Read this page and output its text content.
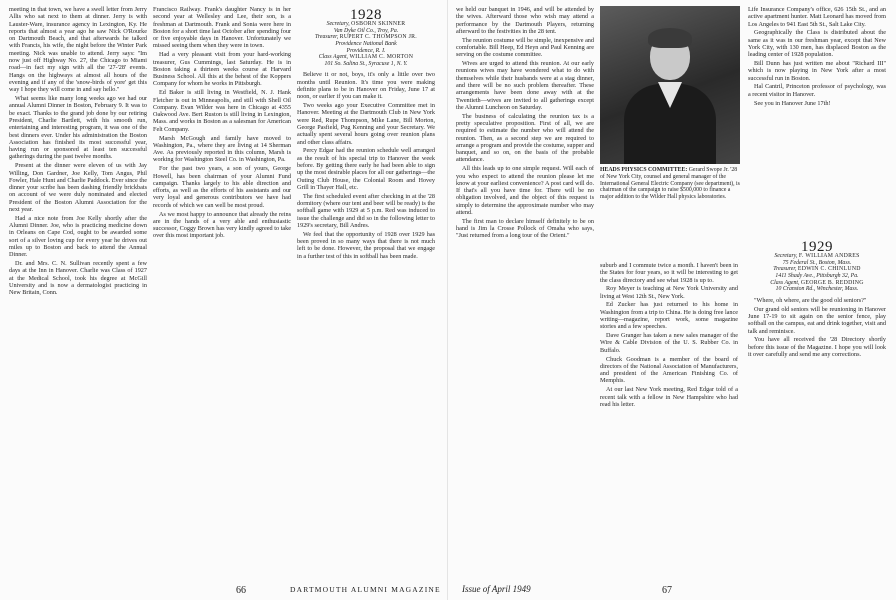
meeting in that town, we have a swell letter from Jerry Allis who sat next to them at dinner. Jerry is with Lauster-Ware, insurance agency in Lexington, Ky. He reports that almost a year ago he saw Nick O'Rourke on Dartmouth Beach, and that afterwards he talked with Francis, his wife, the night before the Winter Park meeting. Nick was unable to attend. Jerry says: "Im now just off Highway No. 27, the Chicago to Miami road—in fact my sign with all the '27-'28' events. Hangs on the highways at almost all hours of the evening and if any of the 'snow-birds of yore' get this way I hope they will come in and say hello."

What seems like many long weeks ago we had our annual Alumni Dinner in Boston, February 9. It was to be exact. Thanks to the grand job done by our retiring President, Charlie Bartlett, with his smooth run, entertaining and interesting program, it was one of the best dinners ever. Under his administration the Boston Association has finished its most successful year, having run or sponsored at least ten successful gatherings during the past twelve months.

Present at the dinner were eleven of us with Jay Willing, Don Gardner, Joe Kelly, Tom Angus, Phil Fowler, Hale Hunt and Charlie Paddock. Ever since the dinner your scribe has been dashing friendly brickbats on account of we were duly nominated and elected President of the Boston Alumni Association for the next year.

Had a nice note from Joe Kelly shortly after the Alumni Dinner. Joe, who is practicing medicine down in Orleans on Cape Cod, ought to be awarded some sort of a silver loving cup for every year he drives out miles up to Boston and back to attend the Annual Dinner.

Dr. and Mrs. C. N. Sullivan recently spent a few days at the Inn in Hanover. Charlie was Class of 1927 at the Medical School, took his degree at McGill University and is now a dermatologist practicing in New Britain, Conn.

Francisco Railway. Frank's daughter Nancy is in her second year at Wellesley and Lee, their son, is a freshman at Dartmouth. Frank and Sonia were here in Boston for a short time last October after spending four or five enjoyable days in Hanover. Unfortunately we missed seeing them when they were in town.

Had a very pleasant visit from your hard-working treasurer, Gus Cummings, last Saturday. He is in Boston taking a thirteen weeks course at Harvard Business School. All this at the behest of the Koppers Company for whom he works in Pittsburgh.

Ed Baker is still living in Westfield, N. J. Hank Fletcher is out in Minneapolis, and still with Shell Oil Company. Evan Wilder was here in Chicago at 4355 Oakwood Ave. Bert Ruston is still living in Lexington, Mass. and works in Boston as a salesman for American Felt Company.

Marsh McGough and family have moved to Washington, Pa., where they are living at 14 Sherman Ave. As previously reported in this column, Marsh is working for Washington Steel Co. in Washington, Pa.

For the past two years, a son of yours, George Howell, has been chairman of your Alumni Fund campaign. Thanks largely to his able direction and efforts, as well as the efforts of his assistants and our very loyal and generous contributors we have had records of which we can well be most proud.

As we most happy to announce that already the reins are in the hands of a very able and enthusiastic successor, Coggy Brown has very kindly agreed to take over this most important job.

1928

Secretary, OSBORN SKINNER

Van Dyke Oil Co., Troy, Pa.

Treasurer, RUPERT C. THOMPSON JR.

Providence National Bank

Providence, R. I.

Class Agent, WILLIAM C. MORTON

101 So. Salina St., Syracuse 1, N. Y.

Believe it or not, boys, it's only a little over two months until Reunion. It's time you were making definite plans to be in Hanover on Friday, June 17 at noon, or earlier if you can make it.

Two weeks ago your Executive Committee met in Hanover. Meeting at the Dartmouth Club in New York were Red, Rupe Thompson, Mike Lane, Bill Morton, George Pasfield, Pug Kenning and your Secretary. We actually spent several hours going over reunion plans and other class affairs.

Percy Edgar had the reunion schedule well arranged as the result of his special trip to Hanover the week before. By getting there early he had been able to sign up the most desirable places for all our gatherings—the Outing Club House, the Colonial Room and Hovey Grill in Thayer Hall, etc.

The first scheduled event after checking in at the '28 dormitory (where our tent and beer will be ready) is the softball game with 1929 at 5 p.m. Red was induced to issue the challenge and did so in the following letter to 1929's secretary, Bill Andres.

We feel that the opportunity of 1928 over 1929 has been proved in so many ways that there is not much left to be done. However, the proposal that we engage in a further test of this in softball has been made.

66

we held our banquet in 1946, and will be attended by the wives. Afterward those who wish may attend a performance by the Dartmouth Players, returning afterward to the festivities in the 28 tent.

The reunion costume will be simple, inexpensive and comfortable. Bill Heep, Ed Heyn and Paul Kenning are serving on the costume committee.

Wives are urged to attend this reunion. At our early reunions wives may have wondered what to do with themselves while their husbands were at a stag dinner, and there will be no such problem thereafter. These arrangements have been done away with at the Twentieth—wives are invited to all gatherings except the Alumni Luncheon on Saturday.

The business of calculating the reunion tax is a pretty speculative proposition. First of all, we are required to estimate the number who will attend the reunion. Then, as a second step we are required to arrange a program and provide the costume, supper and banquet, and so on, on the basis of the probable attendance.

All this leads up to one simple request. Will each of you who expect to attend the reunion please let me know at your earliest convenience? A post card will do. If that's all you have time for. There will be no obligation involved, and the object of this request is simply to determine the approximate number who may attend.

The first man to declare himself definitely to be on hand is Jim la Crosse Pollock of Omaha who says, "Just returned from a long tour of the Orient."

suburb and I commute twice a month. I haven't been in the States for four years, so it will be interesting to get the class directory and see what 1928 is up to.

Roy Meyer is teaching at New York University and living at West 12th St., New York.

Ed Zucker has just returned to his home in Washington from a trip to China. He is doing free lance writing—magazine, report work, some magazine stories and a few speeches.

Dave Granger has taken a new sales manager of the Wire & Cable Division of the U. S. Rubber Co. in Buffalo.

Chuck Goodman is a member of the board of directors of the National Association of Manufacturers, and president of the American Finishing Co. of Memphis.

At our last New York meeting, Red Edgar told of a recent talk with a fellow in New Hampshire who had read his letter.

HEADS PHYSICS COMMITTEE: Gerard Swope Jr. '28 of New York City, counsel and general manager of the International General Electric Company (see department), is chairman of the campaign to raise $500,000 to finance a major addition to the Wilder Hall physics laboratories.

Life Insurance Company's office, 626 15th St., and an active apartment hunter. Matt Leonard has moved from Los Angeles to 941 East 5th St., Salt Lake City.

Geographically the Class is distributed about the same as it was in our freshman year, except that New York City, with 130 men, has displaced Boston as the leading center of 1928 population.

Bill Dunn has just written me about "Richard III" which is now playing in New York after a most successful run in Boston.

Hal Cantril, Princeton professor of psychology, was a recent visitor in Hanover.

See you in Hanover June 17th!

1929

Secretary, F. WILLIAM ANDRES

75 Federal St., Boston, Mass.

Treasurer, EDWIN C. CHINLUND

1411 Shady Ave., Pittsburgh 32, Pa.

Class Agent, GEORGE B. REDDING

10 Cranston Rd., Winchester, Mass.

"Where, oh where, are the good old seniors?"

Our grand old seniors will be reunioning in Hanover June 17-19 to sit again on the senior fence, play softball on the campus, eat and drink together, visit and talk and reminisce.

You have all received the '28 Directory shortly before this issue of the Magazine. I hope you will look it over carefully and send me any corrections.

Issue of April 1949	67
DARTMOUTH ALUMNI MAGAZINE
